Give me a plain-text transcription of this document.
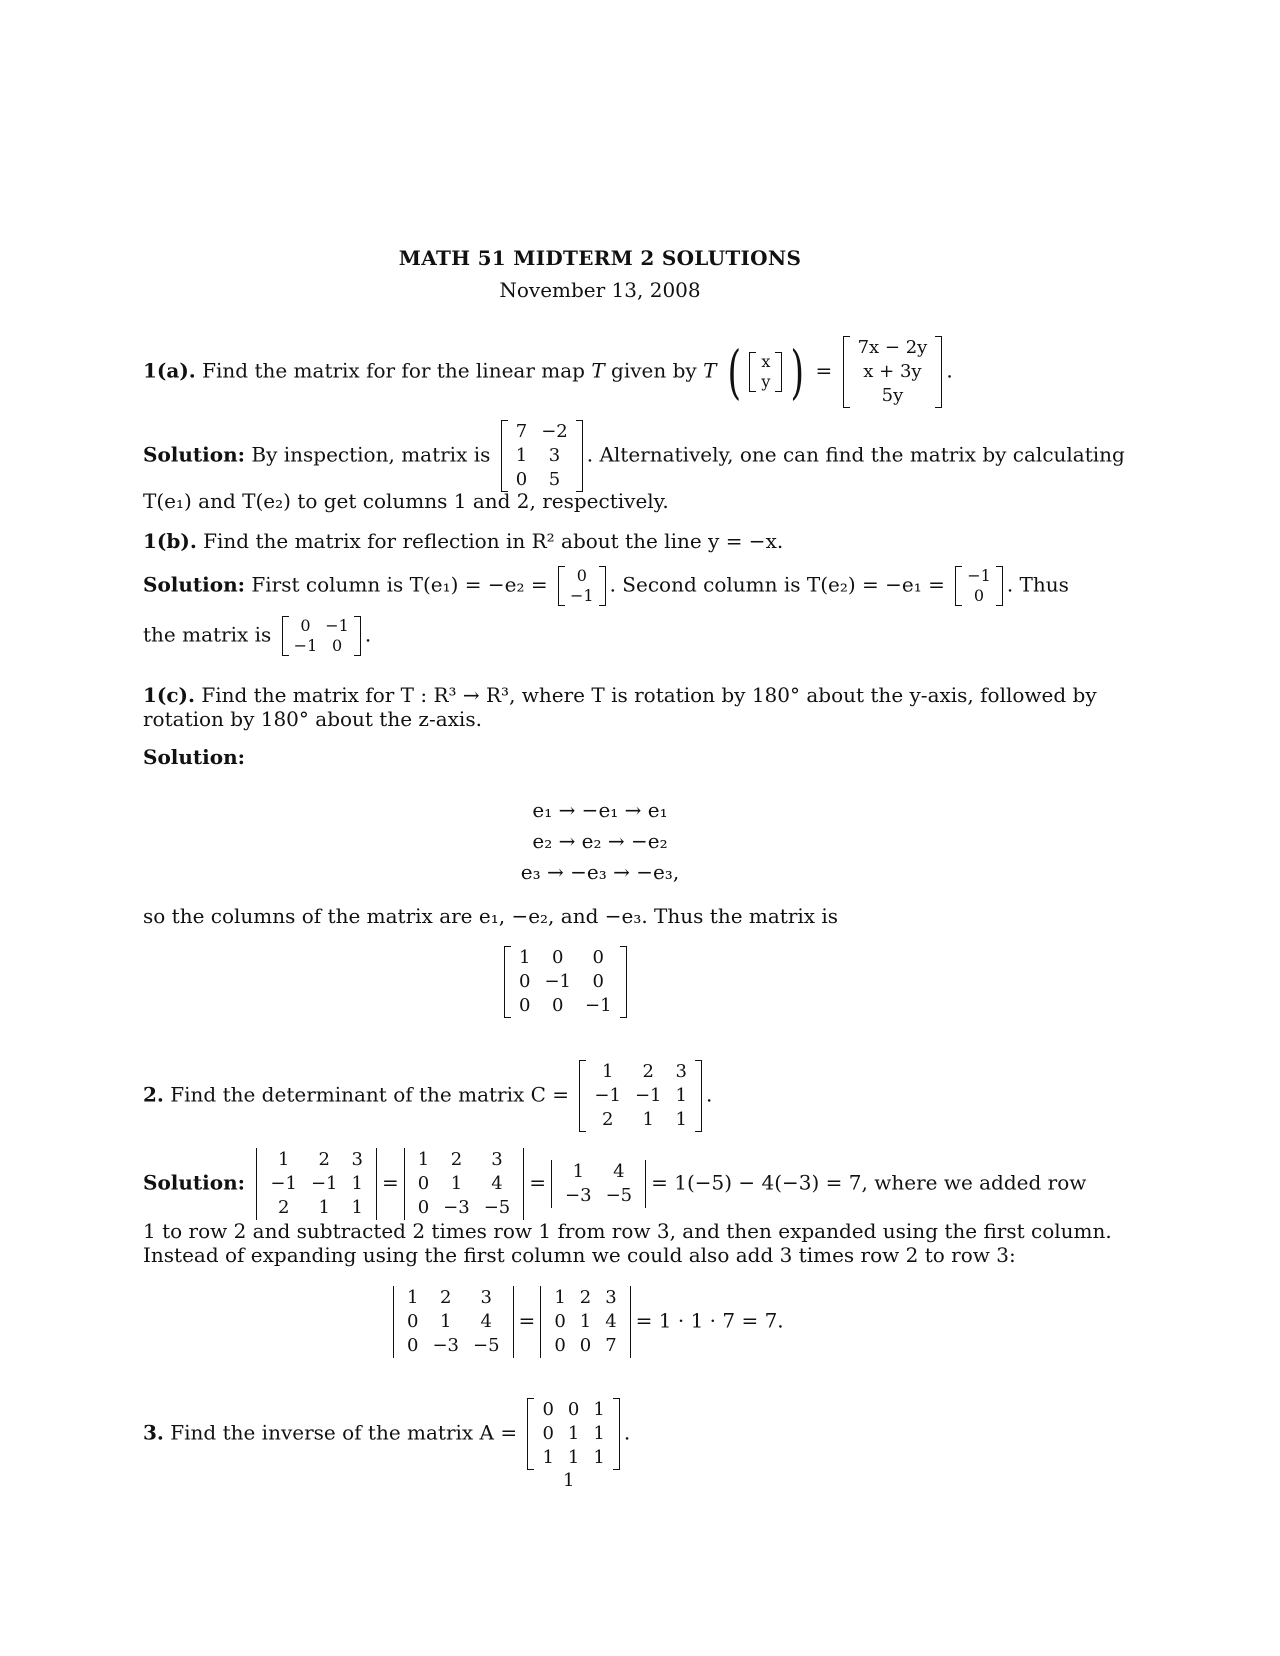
MATH 51 MIDTERM 2 SOLUTIONS
November 13, 2008
1(a). Find the matrix for for the linear map T given by T ( x
y ) =
7x − 2y
x + 3y
5y
.
Solution: By inspection, matrix is
7	−2
1	3
0	5
. Alternatively, one can find the matrix by calculating
T(e₁) and T(e₂) to get columns 1 and 2, respectively.
1(b). Find the matrix for reflection in R² about the line y = −x.
Solution: First column is T(e₁) = −e₂ = 0
−1 . Second column is T(e₂) = −e₁ = −1
0 . Thus
the matrix is 0	−1
−1	0 .
1(c). Find the matrix for T : R³ → R³, where T is rotation by 180° about the y-axis, followed by
rotation by 180° about the z-axis.
Solution:
e₁ → −e₁ → e₁
e₂ → e₂ → −e₂
e₃ → −e₃ → −e₃,
so the columns of the matrix are e₁, −e₂, and −e₃. Thus the matrix is
1	0	0
0	−1	0
0	0	−1
2. Find the determinant of the matrix C =
1	2	3
−1	−1	1
2	1	1
.
Solution:
1	2	3
−1	−1	1
2	1	1
=
1	2	3
0	1	4
0	−3	−5
= 1	4
−3	−5
= 1(−5) − 4(−3) = 7, where we added row
1 to row 2 and subtracted 2 times row 1 from row 3, and then expanded using the first column.
Instead of expanding using the first column we could also add 3 times row 2 to row 3:
1	2	3
0	1	4
0	−3	−5
=
1	2	3
0	1	4
0	0	7
= 1 · 1 · 7 = 7.
3. Find the inverse of the matrix A =
0	0	1
0	1	1
1	1	1
.
1
